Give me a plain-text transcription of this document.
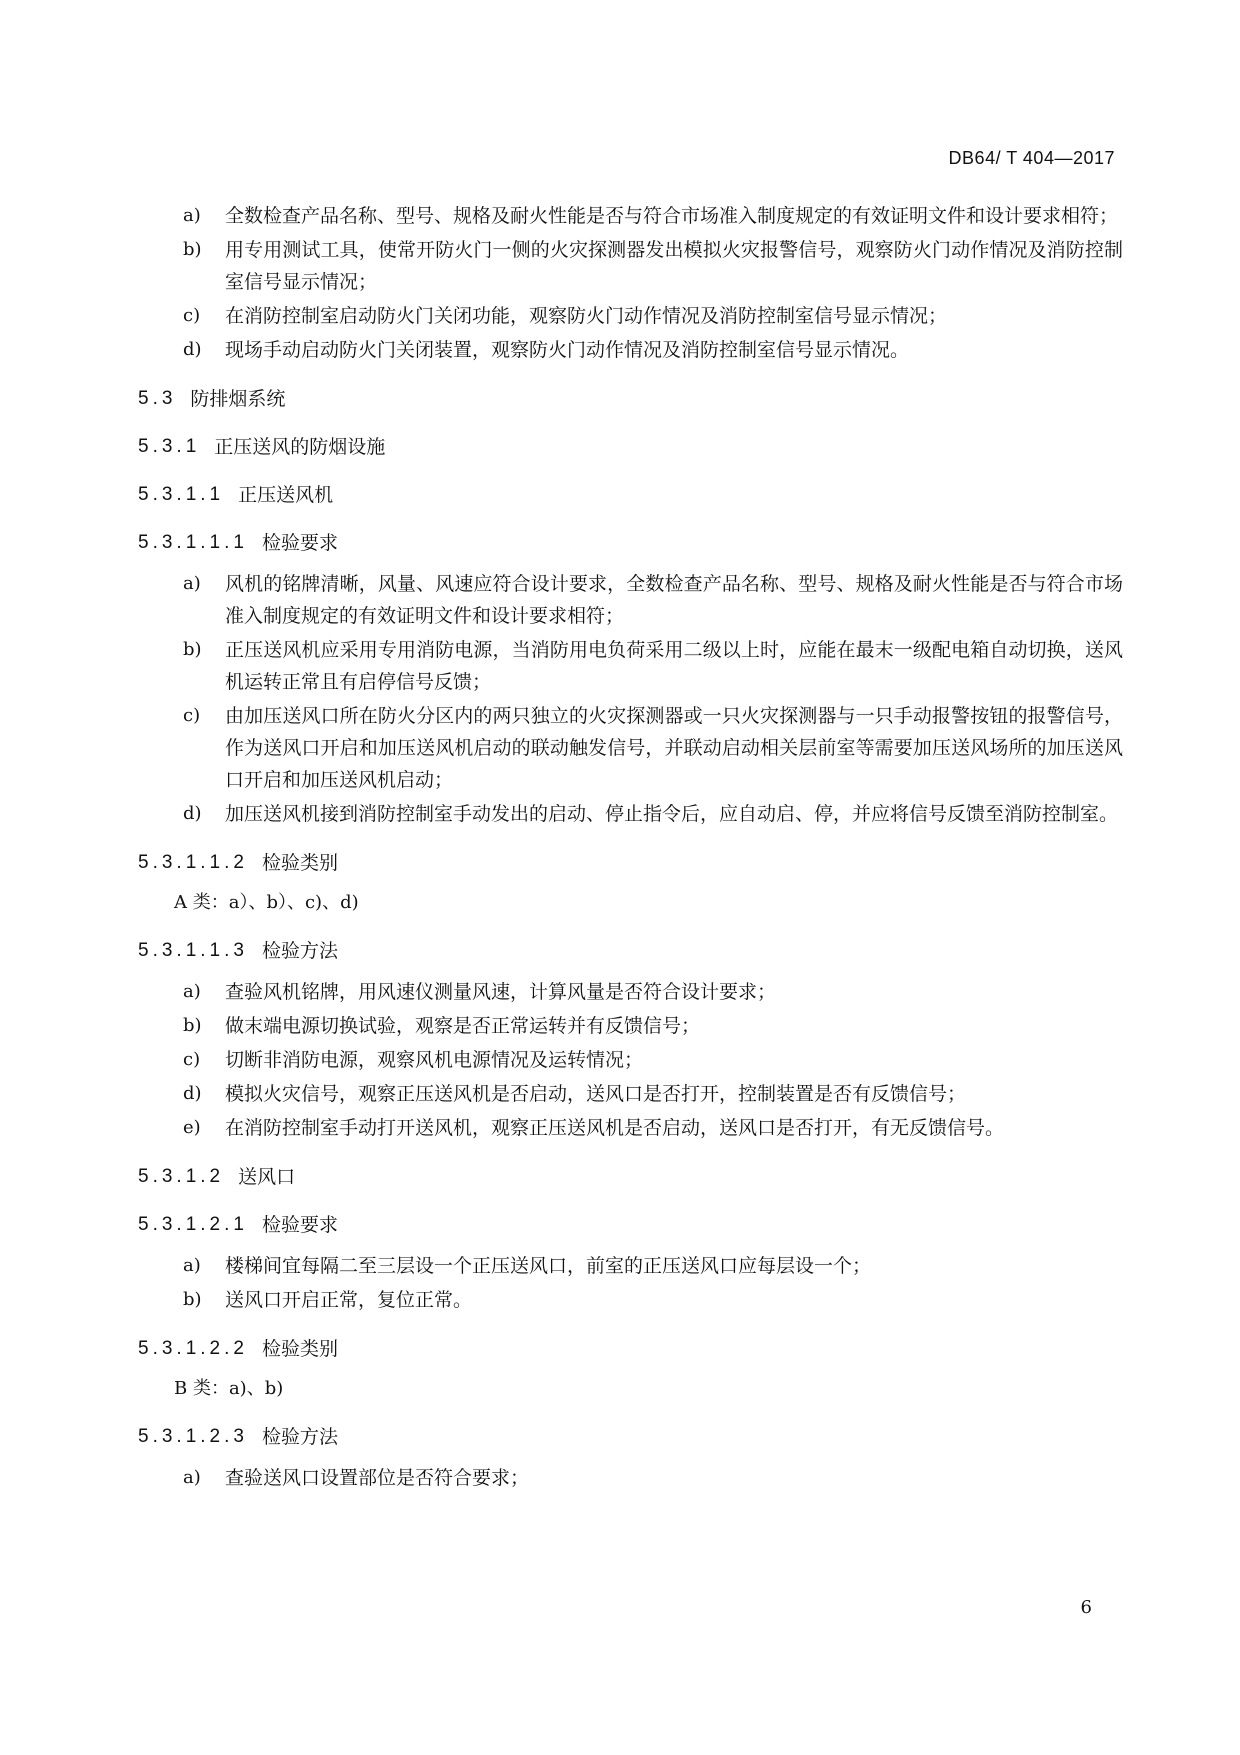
DB64/ T 404—2017
a)	全数检查产品名称、型号、规格及耐火性能是否与符合市场准入制度规定的有效证明文件和设计要求相符；
b)	用专用测试工具，使常开防火门一侧的火灾探测器发出模拟火灾报警信号，观察防火门动作情况及消防控制室信号显示情况；
c)	在消防控制室启动防火门关闭功能，观察防火门动作情况及消防控制室信号显示情况；
d)	现场手动启动防火门关闭装置，观察防火门动作情况及消防控制室信号显示情况。
5.3 防排烟系统
5.3.1 正压送风的防烟设施
5.3.1.1 正压送风机
5.3.1.1.1 检验要求
a)	风机的铭牌清晰，风量、风速应符合设计要求，全数检查产品名称、型号、规格及耐火性能是否与符合市场准入制度规定的有效证明文件和设计要求相符；
b)	正压送风机应采用专用消防电源，当消防用电负荷采用二级以上时，应能在最末一级配电箱自动切换，送风机运转正常且有启停信号反馈；
c)	由加压送风口所在防火分区内的两只独立的火灾探测器或一只火灾探测器与一只手动报警按钮的报警信号，作为送风口开启和加压送风机启动的联动触发信号，并联动启动相关层前室等需要加压送风场所的加压送风口开启和加压送风机启动；
d)	加压送风机接到消防控制室手动发出的启动、停止指令后，应自动启、停，并应将信号反馈至消防控制室。
5.3.1.1.2 检验类别
A 类：a）、b）、c)、d)
5.3.1.1.3 检验方法
a)	查验风机铭牌，用风速仪测量风速，计算风量是否符合设计要求；
b)	做末端电源切换试验，观察是否正常运转并有反馈信号；
c)	切断非消防电源，观察风机电源情况及运转情况；
d)	模拟火灾信号，观察正压送风机是否启动，送风口是否打开，控制装置是否有反馈信号；
e)	在消防控制室手动打开送风机，观察正压送风机是否启动，送风口是否打开，有无反馈信号。
5.3.1.2 送风口
5.3.1.2.1 检验要求
a)	楼梯间宜每隔二至三层设一个正压送风口，前室的正压送风口应每层设一个；
b)	送风口开启正常，复位正常。
5.3.1.2.2 检验类别
B 类：a)、b)
5.3.1.2.3 检验方法
a)	查验送风口设置部位是否符合要求；
6
